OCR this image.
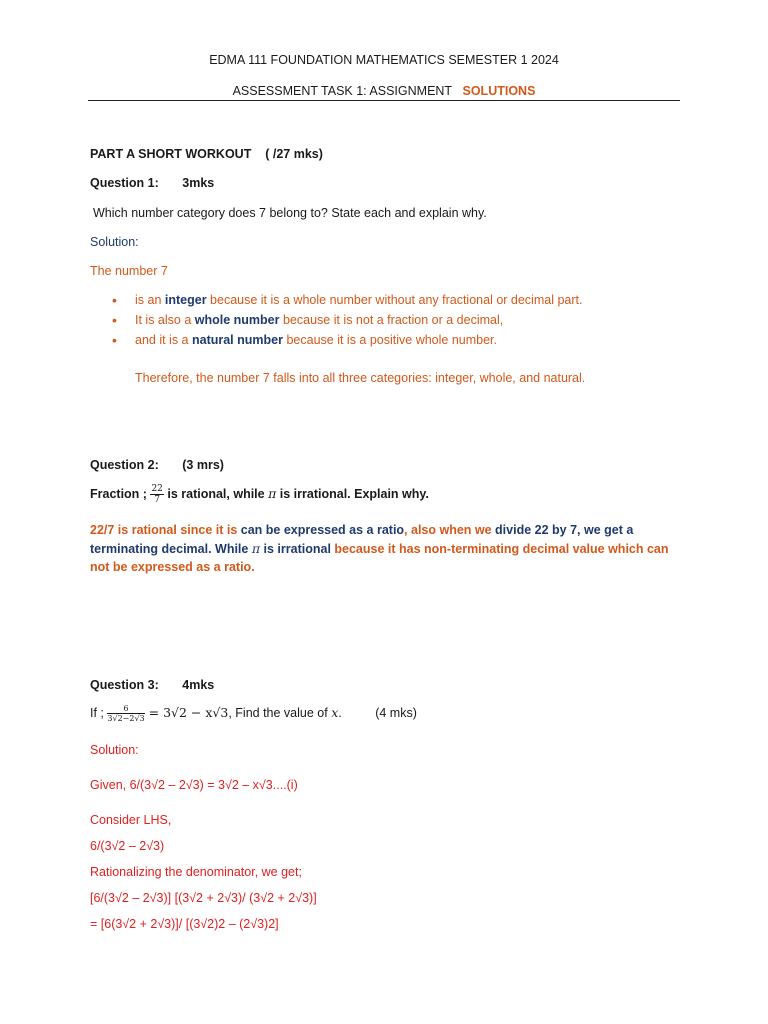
EDMA 111 FOUNDATION MATHEMATICS SEMESTER 1 2024
ASSESSMENT TASK 1: ASSIGNMENT SOLUTIONS
PART A SHORT WORKOUT ( /27 mks)
Question 1: 3mks
Which number category does 7 belong to? State each and explain why.
Solution:
The number 7
• is an integer because it is a whole number without any fractional or decimal part.
• It is also a whole number because it is not a fraction or a decimal,
• and it is a natural number because it is a positive whole number.
Therefore, the number 7 falls into all three categories: integer, whole, and natural.
Question 2: (3 mrs)
Fraction ; $\frac{22}{7}$ is rational, while π is irrational. Explain why.
22/7 is rational since it is can be expressed as a ratio, also when we divide 22 by 7, we get a terminating decimal. While π is irrational because it has non-terminating decimal value which can not be expressed as a ratio.
Question 3: 4mks
If ; $\frac{6}{3√2-2√3} = 3√2 - x√3$, Find the value of x.	(4 mks)
Solution:
Given, 6/(3√2 – 2√3) = 3√2 – x√3....(i)
Consider LHS,
6/(3√2 – 2√3)
Rationalizing the denominator, we get;
[6/(3√2 – 2√3)] [(3√2 + 2√3)/ (3√2 + 2√3)]
= [6(3√2 + 2√3)]/ [(3√2)2 – (2√3)2]
